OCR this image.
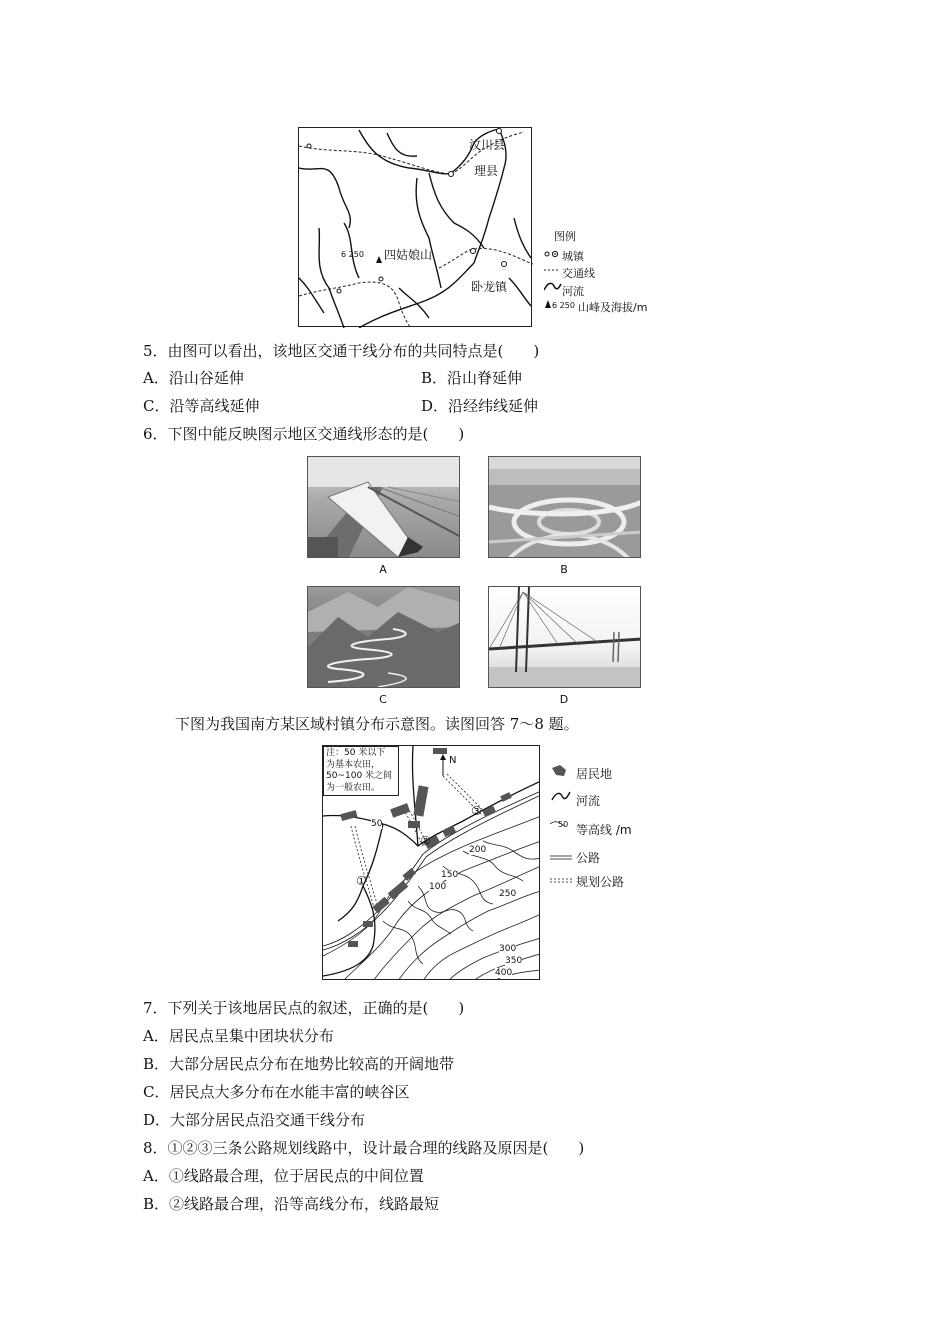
汶川县
理县
6 250 四姑娘山
卧龙镇
图例
城镇
交通线
河流
6 250 山峰及海拔/m
5．由图可以看出，该地区交通干线分布的共同特点是(　　)
A．沿山谷延伸	B．沿山脊延伸
C．沿等高线延伸	D．沿经纬线延伸
6．下图中能反映图示地区交通线形态的是(　　)
A	B
C	D
下图为我国南方某区域村镇分布示意图。读图回答 7～8 题。
注：50 米以下
为基本农田，
50~100 米之间
为一般农田。
N
①
②
③
50
100
150
200
250
300
350
400
居民地
河流
50 等高线 /m
公路
规划公路
7．下列关于该地居民点的叙述，正确的是(　　)
A．居民点呈集中团块状分布
B．大部分居民点分布在地势比较高的开阔地带
C．居民点大多分布在水能丰富的峡谷区
D．大部分居民点沿交通干线分布
8．①②③三条公路规划线路中，设计最合理的线路及原因是(　　)
A．①线路最合理，位于居民点的中间位置
B．②线路最合理，沿等高线分布，线路最短
